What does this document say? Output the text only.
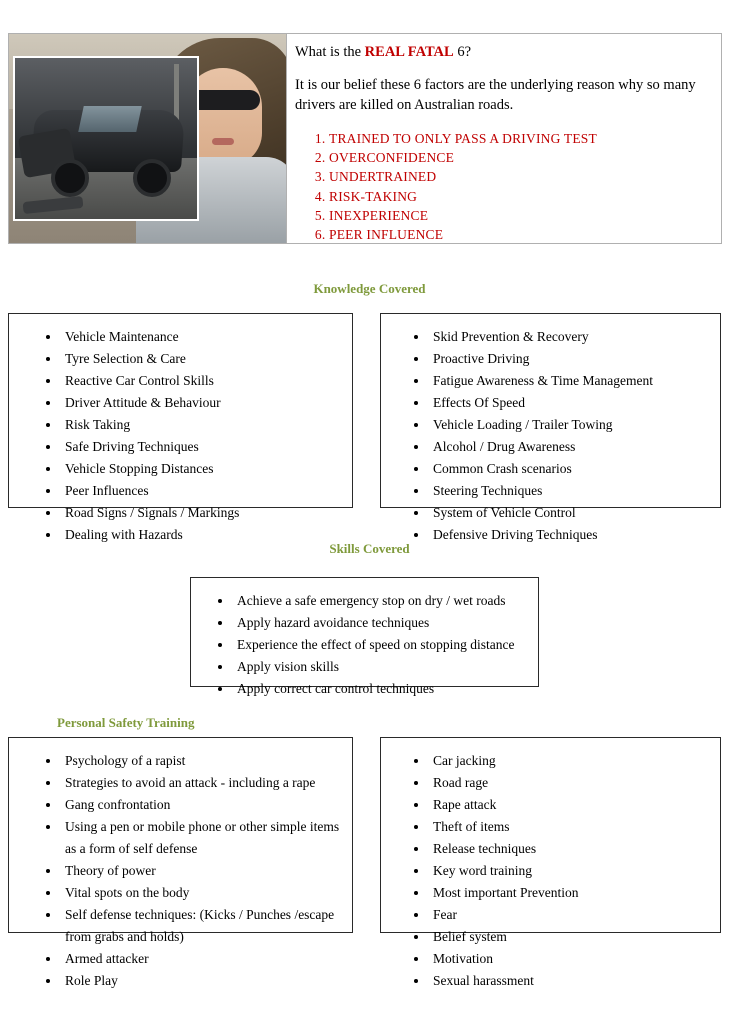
What is the REAL FATAL 6?

It is our belief these 6 factors are the underlying reason why so many drivers are killed on Australian roads.

1. TRAINED TO ONLY PASS A DRIVING TEST
2. OVERCONFIDENCE
3. UNDERTRAINED
4. RISK-TAKING
5. INEXPERIENCE
6. PEER INFLUENCE
Knowledge Covered
• Vehicle Maintenance
• Tyre Selection & Care
• Reactive Car Control Skills
• Driver Attitude & Behaviour
• Risk Taking
• Safe Driving Techniques
• Vehicle Stopping Distances
• Peer Influences
• Road Signs / Signals / Markings
• Dealing with Hazards
• Skid Prevention & Recovery
• Proactive Driving
• Fatigue Awareness & Time Management
• Effects Of Speed
• Vehicle Loading / Trailer Towing
• Alcohol / Drug Awareness
• Common Crash scenarios
• Steering Techniques
• System of Vehicle Control
• Defensive Driving Techniques
Skills Covered
• Achieve a safe emergency stop on dry / wet roads
• Apply hazard avoidance techniques
• Experience the effect of speed on stopping distance
• Apply vision skills
• Apply correct car control techniques
Personal Safety Training
• Psychology of a rapist
• Strategies to avoid an attack - including a rape
• Gang confrontation
• Using a pen or mobile phone or other simple items as a form of self defense
• Theory of power
• Vital spots on the body
• Self defense techniques: (Kicks / Punches /escape from grabs and holds)
• Armed attacker
• Role Play
• Car jacking
• Road rage
• Rape attack
• Theft of items
• Release techniques
• Key word training
• Most important Prevention
• Fear
• Belief system
• Motivation
• Sexual harassment
